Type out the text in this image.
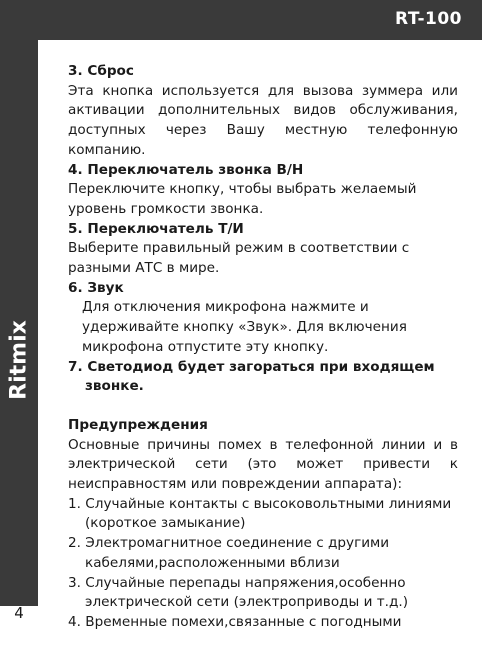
RT-100
Ritmix
4

3. Сброс

Эта кнопка используется для вызова зуммера или активации дополнительных видов обслуживания, доступных через Вашу местную телефонную компанию.

4. Переключатель звонка В/Н

Переключите кнопку, чтобы выбрать желаемый уровень громкости звонка.

5. Переключатель Т/И

Выберите правильный режим в соответствии с разными АТС в мире.

6. Звук

Для отключения микрофона нажмите и удерживайте кнопку «Звук». Для включения микрофона отпустите эту кнопку.

7. Светодиод будет загораться при входящем звонке.

Предупреждения

Основные причины помех в телефонной линии и в электрической сети (это может привести к неисправностям или повреждении аппарата):

1. Случайные контакты с высоковольтными линиями (короткое замыкание)

2. Электромагнитное соединение с другими кабелями,расположенными вблизи

3. Случайные перепады напряжения,особенно электрической сети (электроприводы и т.д.)

4. Временные помехи,связанные с погодными
